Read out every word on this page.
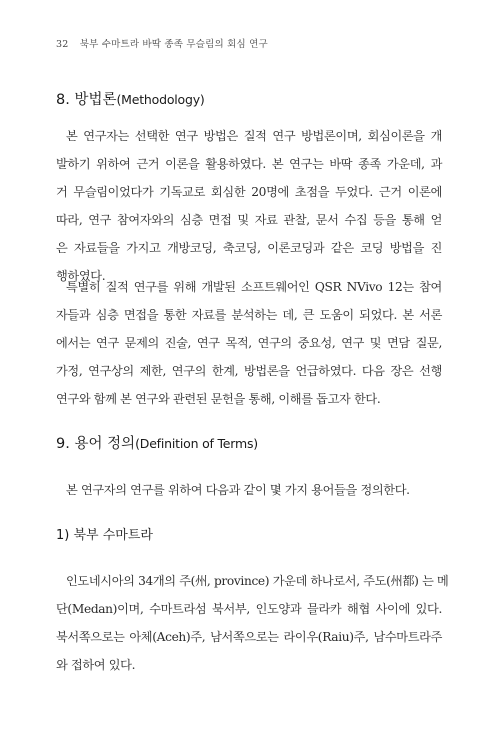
32 북부 수마트라 바딱 종족 무슬림의 회심 연구
8. 방법론(Methodology)
본 연구자는 선택한 연구 방법은 질적 연구 방법론이며, 회심이론을 개
발하기 위하여 근거 이론을 활용하였다. 본 연구는 바딱 종족 가운데, 과
거 무슬림이었다가 기독교로 회심한 20명에 초점을 두었다. 근거 이론에
따라, 연구 참여자와의 심층 면접 및 자료 관찰, 문서 수집 등을 통해 얻
은 자료들을 가지고 개방코딩, 축코딩, 이론코딩과 같은 코딩 방법을 진
행하였다.
특별히 질적 연구를 위해 개발된 소프트웨어인 QSR NVivo 12는 참여
자들과 심층 면접을 통한 자료를 분석하는 데, 큰 도움이 되었다. 본 서론
에서는 연구 문제의 진술, 연구 목적, 연구의 중요성, 연구 및 면담 질문,
가정, 연구상의 제한, 연구의 한계, 방법론을 언급하였다. 다음 장은 선행
연구와 함께 본 연구와 관련된 문헌을 통해, 이해를 돕고자 한다.
9. 용어 정의(Definition of Terms)
본 연구자의 연구를 위하여 다음과 같이 몇 가지 용어들을 정의한다.
1) 북부 수마트라
인도네시아의 34개의 주(州, province) 가운데 하나로서, 주도(州都) 는 메
단(Medan)이며, 수마트라섬 북서부, 인도양과 믈라카 해협 사이에 있다.
북서쪽으로는 아체(Aceh)주, 남서쪽으로는 라이우(Raiu)주, 남수마트라주
와 접하여 있다.
